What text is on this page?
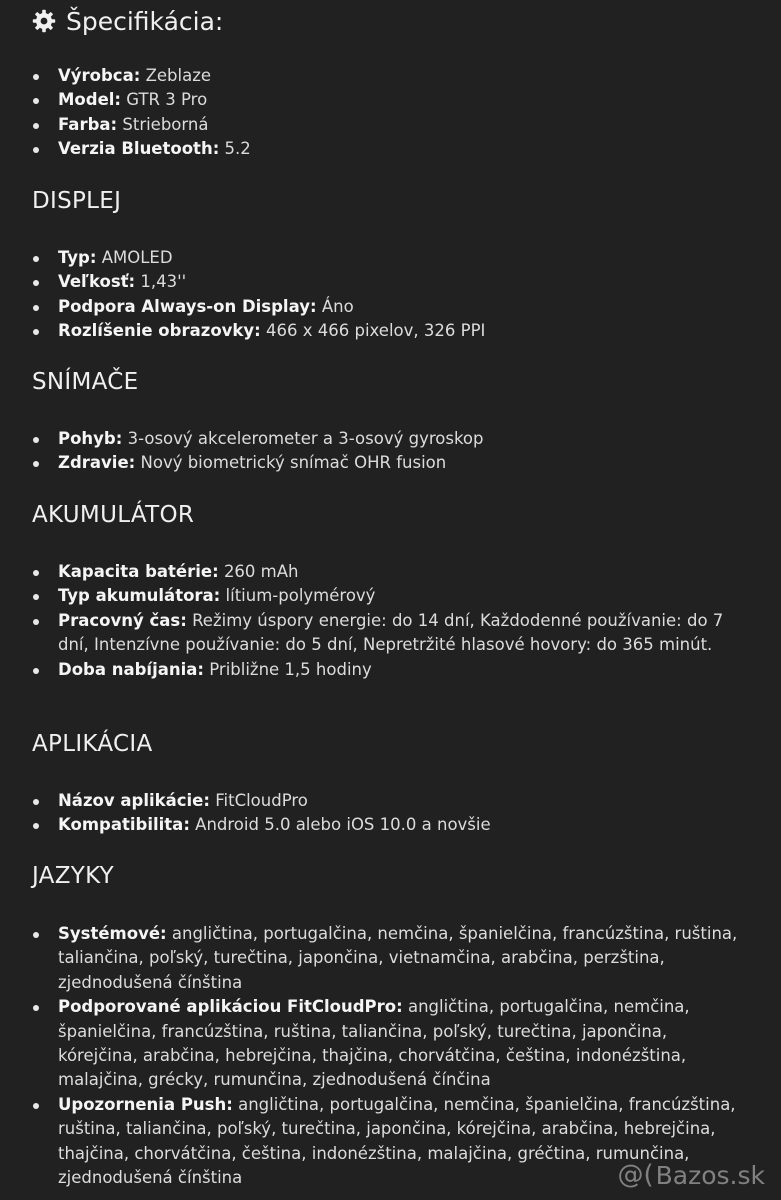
Špecifikácia:
Výrobca: Zeblaze
Model: GTR 3 Pro
Farba: Strieborná
Verzia Bluetooth: 5.2
DISPLEJ
Typ: AMOLED
Veľkosť: 1,43''
Podpora Always-on Display: Áno
Rozlíšenie obrazovky: 466 x 466 pixelov, 326 PPI
SNÍMAČE
Pohyb: 3-osový akcelerometer a 3-osový gyroskop
Zdravie: Nový biometrický snímač OHR fusion
AKUMULÁTOR
Kapacita batérie: 260 mAh
Typ akumulátora: lítium-polymérový
Pracovný čas: Režimy úspory energie: do 14 dní, Každodenné používanie: do 7 dní, Intenzívne používanie: do 5 dní, Nepretržité hlasové hovory: do 365 minút.
Doba nabíjania: Približne 1,5 hodiny
APLIKÁCIA
Názov aplikácie: FitCloudPro
Kompatibilita: Android 5.0 alebo iOS 10.0 a novšie
JAZYKY
Systémové: angličtina, portugalčina, nemčina, španielčina, francúzština, ruština, taliančina, poľský, turečtina, japončina, vietnamčina, arabčina, perzština, zjednodušená čínština
Podporované aplikáciou FitCloudPro: angličtina, portugalčina, nemčina, španielčina, francúzština, ruština, taliančina, poľský, turečtina, japončina, kórejčina, arabčina, hebrejčina, thajčina, chorvátčina, čeština, indonézština, malajčina, grécky, rumunčina, zjednodušená čínčina
Upozornenia Push: angličtina, portugalčina, nemčina, španielčina, francúzština, ruština, taliančina, poľský, turečtina, japončina, kórejčina, arabčina, hebrejčina, thajčina, chorvátčina, čeština, indonézština, malajčina, gréčtina, rumunčina, zjednodušená čínština	@( Bazos.sk
